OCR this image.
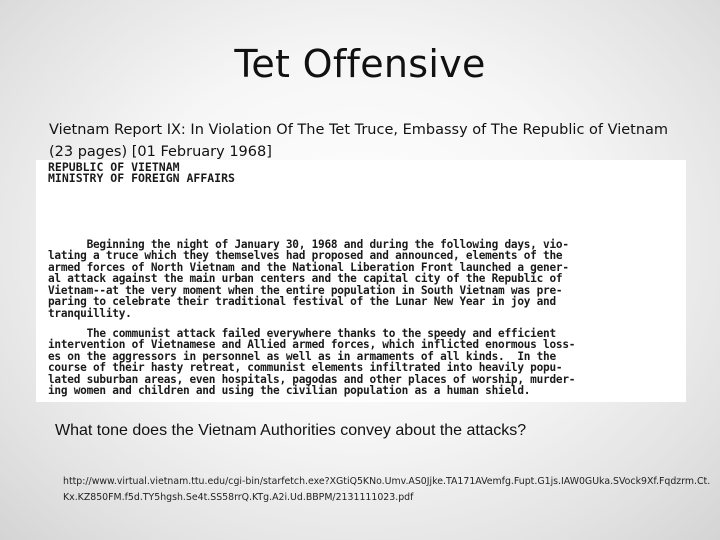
Tet Offensive

Vietnam Report IX: In Violation Of The Tet Truce, Embassy of The Republic of Vietnam (23 pages) [01 February 1968]

REPUBLIC OF VIETNAM
MINISTRY OF FOREIGN AFFAIRS
Beginning the night of January 30, 1968 and during the following days, vio-
lating a truce which they themselves had proposed and announced, elements of the
armed forces of North Vietnam and the National Liberation Front launched a gener-
al attack against the main urban centers and the capital city of the Republic of
Vietnam--at the very moment when the entire population in South Vietnam was pre-
paring to celebrate their traditional festival of the Lunar New Year in joy and
tranquillity.
The communist attack failed everywhere thanks to the speedy and efficient
intervention of Vietnamese and Allied armed forces, which inflicted enormous loss-
es on the aggressors in personnel as well as in armaments of all kinds.  In the
course of their hasty retreat, communist elements infiltrated into heavily popu-
lated suburban areas, even hospitals, pagodas and other places of worship, murder-
ing women and children and using the civilian population as a human shield.

What tone does the Vietnam Authorities convey about the attacks?

http://www.virtual.vietnam.ttu.edu/cgi-bin/starfetch.exe?XGtiQ5KNo.Umv.AS0Jjke.TA171AVemfg.Fupt.G1js.IAW0GUka.SVock9Xf.Fqdzrm.Ct.Kx.KZ850FM.f5d.TY5hgsh.Se4t.SS58rrQ.KTg.A2i.Ud.BBPM/2131111023.pdf
